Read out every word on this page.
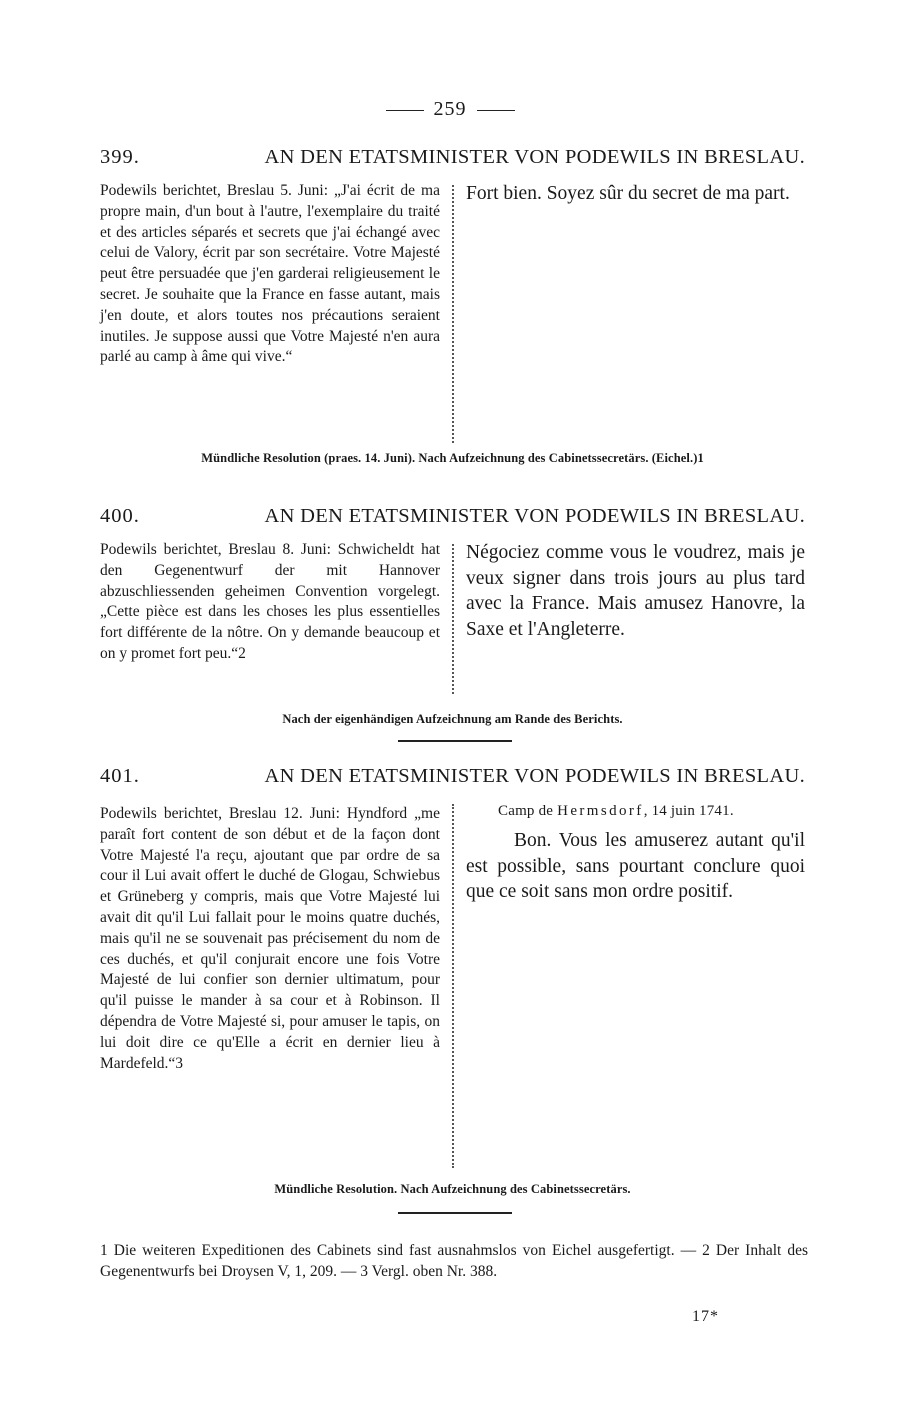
259
399.	AN DEN ETATSMINISTER VON PODEWILS IN BRESLAU.
Podewils berichtet, Breslau 5. Juni: „J'ai écrit de ma propre main, d'un bout à l'autre, l'exemplaire du traité et des articles séparés et secrets que j'ai échangé avec celui de Valory, écrit par son secrétaire. Votre Majesté peut être persuadée que j'en garderai religieusement le secret. Je souhaite que la France en fasse autant, mais j'en doute, et alors toutes nos précautions seraient inutiles. Je suppose aussi que Votre Majesté n'en aura parlé au camp à âme qui vive.“
Fort bien. Soyez sûr du secret de ma part.
Mündliche Resolution (praes. 14. Juni). Nach Aufzeichnung des Cabinetssecretärs. (Eichel.)1
400.	AN DEN ETATSMINISTER VON PODEWILS IN BRESLAU.
Podewils berichtet, Breslau 8. Juni: Schwicheldt hat den Gegenentwurf der mit Hannover abzuschliessenden geheimen Convention vorgelegt. „Cette pièce est dans les choses les plus essentielles fort différente de la nôtre. On y demande beaucoup et on y promet fort peu.“2
Négociez comme vous le voudrez, mais je veux signer dans trois jours au plus tard avec la France. Mais amusez Hanovre, la Saxe et l'Angleterre.
Nach der eigenhändigen Aufzeichnung am Rande des Berichts.
401.	AN DEN ETATSMINISTER VON PODEWILS IN BRESLAU.
Podewils berichtet, Breslau 12. Juni: Hyndford „me paraît fort content de son début et de la façon dont Votre Majesté l'a reçu, ajoutant que par ordre de sa cour il Lui avait offert le duché de Glogau, Schwiebus et Grüneberg y compris, mais que Votre Majesté lui avait dit qu'il Lui fallait pour le moins quatre duchés, mais qu'il ne se souvenait pas précisement du nom de ces duchés, et qu'il conjurait encore une fois Votre Majesté de lui confier son dernier ultimatum, pour qu'il puisse le mander à sa cour et à Robinson. Il dépendra de Votre Majesté si, pour amuser le tapis, on lui doit dire ce qu'Elle a écrit en dernier lieu à Mardefeld.“3
Camp de Hermsdorf, 14 juin 1741.
Bon. Vous les amuserez autant qu'il est possible, sans pourtant conclure quoi que ce soit sans mon ordre positif.
Mündliche Resolution. Nach Aufzeichnung des Cabinetssecretärs.
1 Die weiteren Expeditionen des Cabinets sind fast ausnahmslos von Eichel ausgefertigt. — 2 Der Inhalt des Gegenentwurfs bei Droysen V, 1, 209. — 3 Vergl. oben Nr. 388.
17*
